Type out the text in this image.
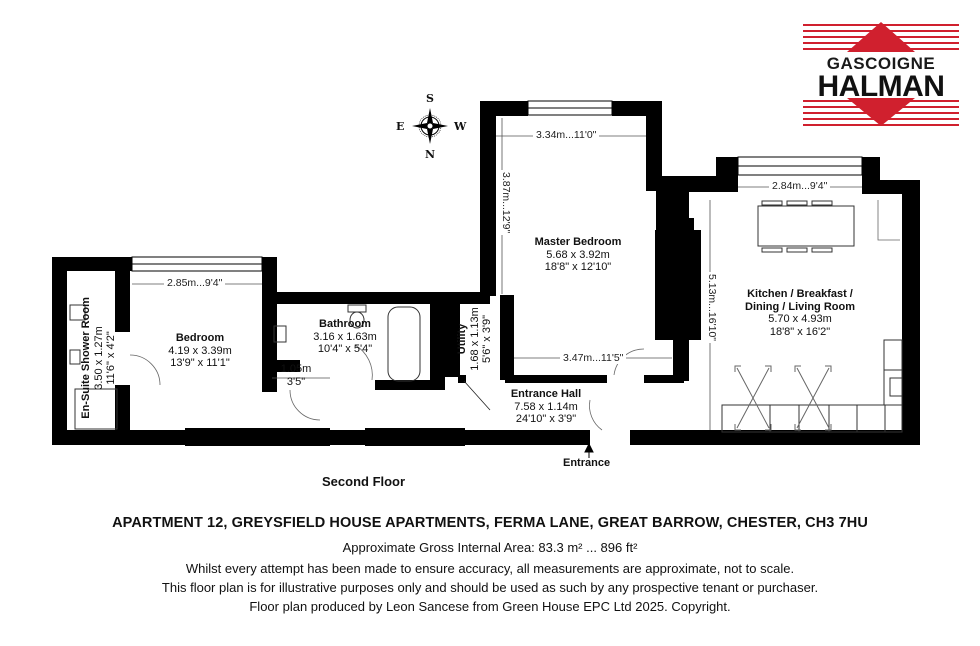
GASCOIGNE
HALMAN
S
E	W
N
3.34m...11'0"
3.87m...12'9"
Master Bedroom
5.68 x 3.92m
18'8" x 12'10"
2.84m...9'4"
5.13m...16'10"	Kitchen / Breakfast /
Dining / Living Room
5.70 x 4.93m
18'8" x 16'2"
2.85m...9'4"
Bedroom
4.19 x 3.39m
13'9" x 11'1"
En-Suite Shower Room 3.50 x 1.27m 11'6" x 4'2"
Bathroom
3.16 x 1.63m
10'4" x 5'4"
1.05m
3'5"
Utility 1.68 x 1.13m 5'6" x 3'9"	3.47m...11'5"
Entrance Hall
7.58 x 1.14m
24'10" x 3'9"
Entrance
Second Floor
APARTMENT 12, GREYSFIELD HOUSE APARTMENTS, FERMA LANE, GREAT BARROW, CHESTER, CH3 7HU
Approximate Gross Internal Area: 83.3 m² ... 896 ft²
Whilst every attempt has been made to ensure accuracy, all measurements are approximate, not to scale.
This floor plan is for illustrative purposes only and should be used as such by any prospective tenant or purchaser.
Floor plan produced by Leon Sancese from Green House EPC Ltd 2025. Copyright.
